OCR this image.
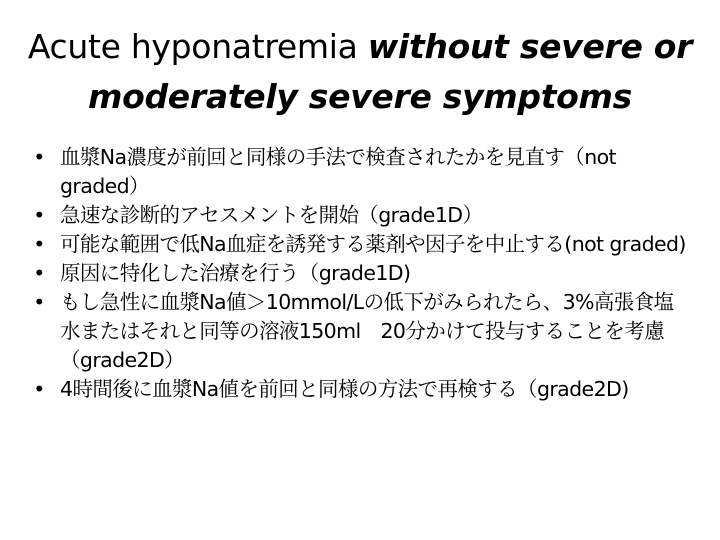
Acute hyponatremia without severe or moderately severe symptoms
• 血漿Na濃度が前回と同様の手法で検査されたかを見直す（not graded）
• 急速な診断的アセスメントを開始（grade1D）
• 可能な範囲で低Na血症を誘発する薬剤や因子を中止する(not graded)
• 原因に特化した治療を行う（grade1D)
• もし急性に血漿Na値＞10mmol/Lの低下がみられたら、3%高張食塩水またはそれと同等の溶液150ml　20分かけて投与することを考慮（grade2D）
• 4時間後に血漿Na値を前回と同様の方法で再検する（grade2D)
